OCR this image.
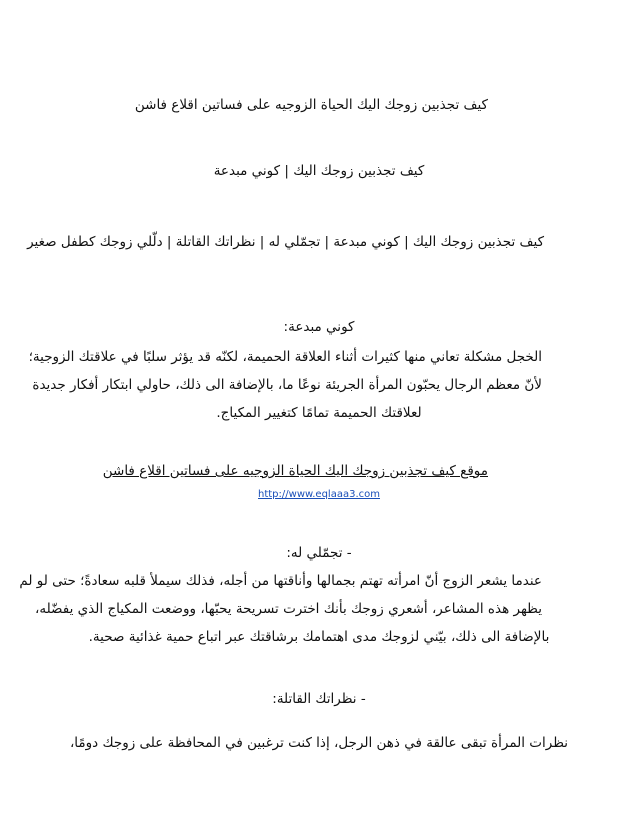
كيف تجذبين زوجك اليك الحياة الزوجيه على فساتين اقلاع فاشن
كيف تجذبين زوجك اليك | كوني مبدعة
كيف تجذبين زوجك اليك | كوني مبدعة | تجمّلي له | نظراتك القاتلة | دلّلي زوجك كطفل صغير
كوني مبدعة:
الخجل مشكلة تعاني منها كثيرات أثناء العلاقة الحميمة، لكنّه قد يؤثر سلبًا في علاقتك الزوجية؛
لأنّ معظم الرجال يحبّون المرأة الجريئة نوعًا ما، بالإضافة الى ذلك، حاولي ابتكار أفكار جديدة
لعلاقتك الحميمة تمامًا كتغيير المكياج.
موقع كيف تجذبين زوجك اليك الحياة الزوجيه على فساتين اقلاع فاشن
http://www.eqlaaa3.com
- تجمّلي له:
عندما يشعر الزوج أنّ امرأته تهتم بجمالها وأناقتها من أجله، فذلك سيملأ قلبه سعادةً؛ حتى لو لم
يظهر هذه المشاعر، أشعري زوجك بأنك اخترت تسريحة يحبّها، ووضعت المكياج الذي يفضّله،
بالإضافة الى ذلك، بيّني لزوجك مدى اهتمامك برشاقتك عبر اتباع حمية غذائية صحية.
- نظراتك القاتلة:
نظرات المرأة تبقى عالقة في ذهن الرجل، إذا كنت ترغبين في المحافظة على زوجك دومًا،
